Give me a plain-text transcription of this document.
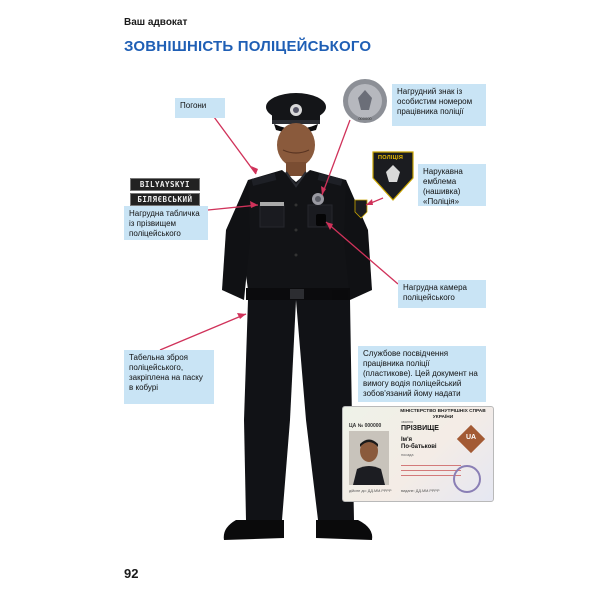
Ваш адвокат
ЗОВНІШНІСТЬ ПОЛІЦЕЙСЬКОГО
000000
BILYAYSKYI
БІЛЯЄВСЬКИЙ
ПОЛІЦІЯ
Погони
Нагрудний знак із особистим номером працівника поліції
Нарукавна емблема (нашивка) «Поліція»
Нагрудна табличка із прізвищем поліцейського
Нагрудна камера поліцейського
Табельна зброя поліцейського, закріплена на паску в кобурі
Службове посвідчення працівника поліції (пластикове). Цей документ на вимогу водія поліцейський зобов'язаний йому надати
МІНІСТЕРСТВО ВНУТРІШНІХ СПРАВ УКРАЇНИ
ЦА № 000000
звання
ПРІЗВИЩЕ
Ім'я
По-батькові
посада
UA
дійсне до: ДД.ММ.РРРР	видане: ДД.ММ.РРРР
92
